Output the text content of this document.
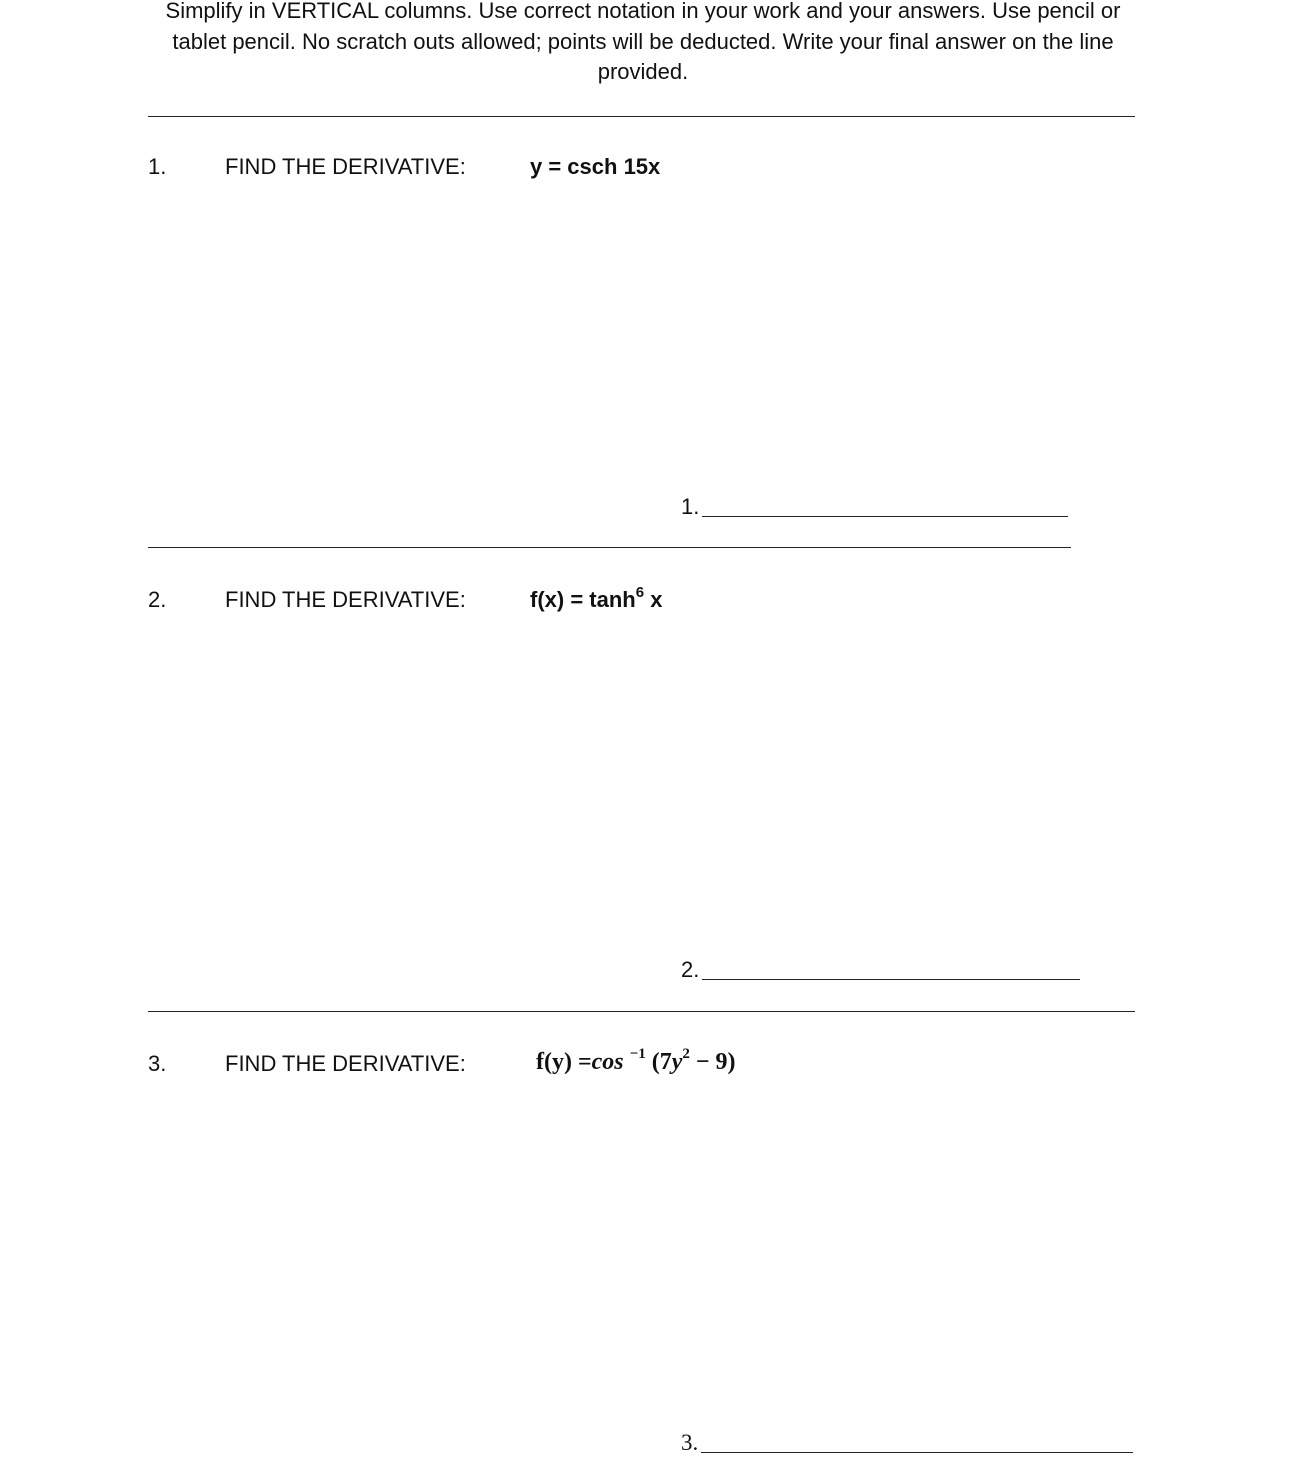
Simplify in VERTICAL columns. Use correct notation in your work and your answers. Use pencil or tablet pencil. No scratch outs allowed; points will be deducted. Write your final answer on the line provided.
1.	FIND THE DERIVATIVE:	y = csch 15x
1.
2.	FIND THE DERIVATIVE:	$f(x) = \tanh^6 x$
2.
3.	FIND THE DERIVATIVE:	f(y) =cos $^{-1}$ $(7y^2 - 9)$
3.
